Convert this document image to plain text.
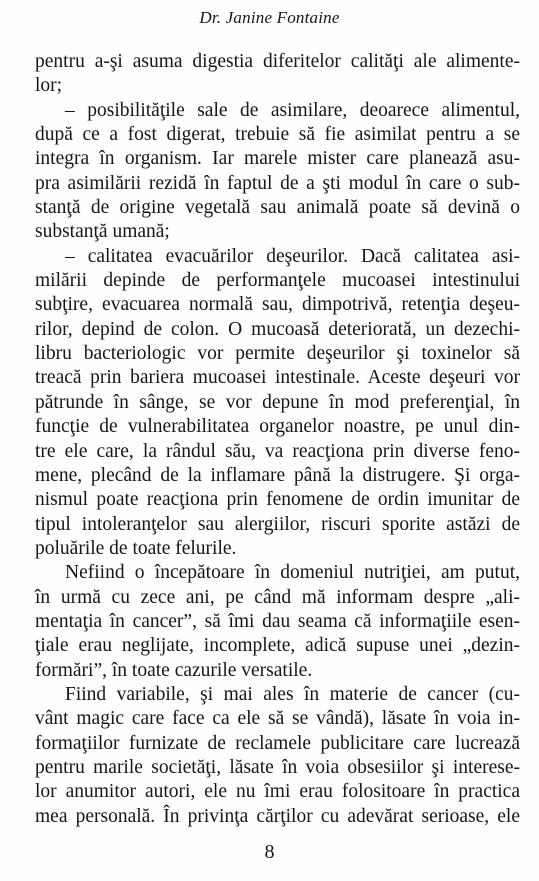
Dr. Janine Fontaine
pentru a-şi asuma digestia diferitelor calităţi ale alimente-
lor;
– posibilităţile sale de asimilare, deoarece alimentul,
după ce a fost digerat, trebuie să fie asimilat pentru a se
integra în organism. Iar marele mister care planează asu-
pra asimilării rezidă în faptul de a şti modul în care o sub-
stanţă de origine vegetală sau animală poate să devină o
substanţă umană;
– calitatea evacuărilor deşeurilor. Dacă calitatea asi-
milării depinde de performanţele mucoasei intestinului
subţire, evacuarea normală sau, dimpotrivă, retenţia deşeu-
rilor, depind de colon. O mucoasă deteriorată, un dezechi-
libru bacteriologic vor permite deşeurilor şi toxinelor să
treacă prin bariera mucoasei intestinale. Aceste deşeuri vor
pătrunde în sânge, se vor depune în mod preferenţial, în
funcţie de vulnerabilitatea organelor noastre, pe unul din-
tre ele care, la rândul său, va reacţiona prin diverse feno-
mene, plecând de la inflamare până la distrugere. Şi orga-
nismul poate reacţiona prin fenomene de ordin imunitar de
tipul intoleranţelor sau alergiilor, riscuri sporite astăzi de
poluările de toate felurile.
Nefiind o începătoare în domeniul nutriţiei, am putut,
în urmă cu zece ani, pe când mă informam despre „ali-
mentaţia în cancer”, să îmi dau seama că informaţiile esen-
ţiale erau neglijate, incomplete, adică supuse unei „dezin-
formări”, în toate cazurile versatile.
Fiind variabile, şi mai ales în materie de cancer (cu-
vânt magic care face ca ele să se vândă), lăsate în voia in-
formaţiilor furnizate de reclamele publicitare care lucrează
pentru marile societăţi, lăsate în voia obsesiilor şi interese-
lor anumitor autori, ele nu îmi erau folositoare în practica
mea personală. În privinţa cărţilor cu adevărat serioase, ele
8
